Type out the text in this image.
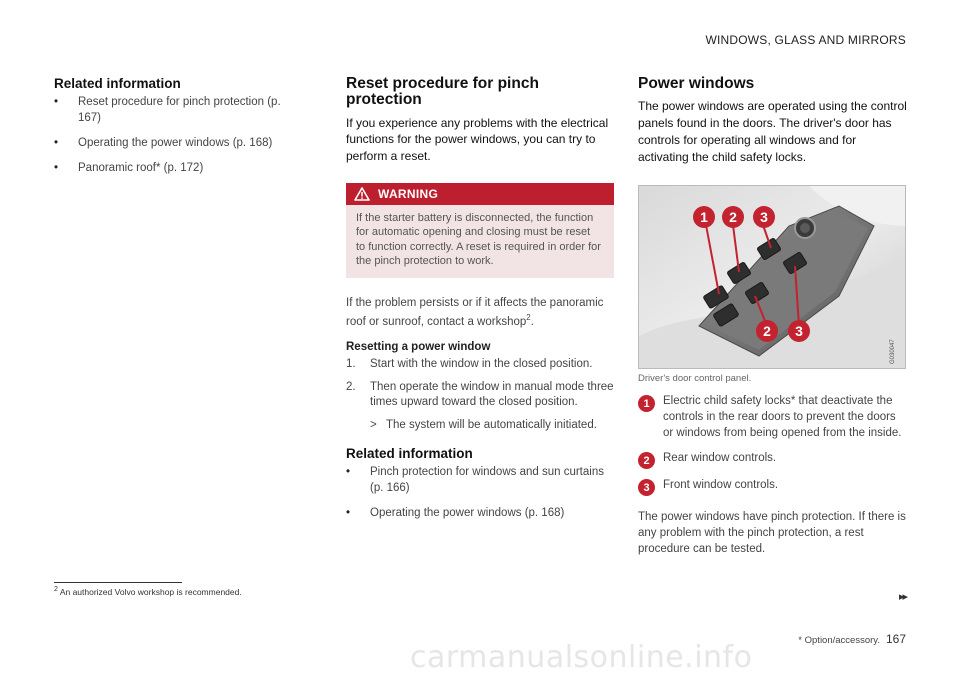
WINDOWS, GLASS AND MIRRORS
Related information
• Reset procedure for pinch protection (p. 167)
• Operating the power windows (p. 168)
• Panoramic roof* (p. 172)
Reset procedure for pinch protection

If you experience any problems with the electrical functions for the power windows, you can try to perform a reset.

WARNING
If the starter battery is disconnected, the function for automatic opening and closing must be reset to function correctly. A reset is required in order for the pinch protection to work.

If the problem persists or if it affects the panoramic roof or sunroof, contact a workshop$^2$.

Resetting a power window
1. Start with the window in the closed position.
2. Then operate the window in manual mode three times upward toward the closed position.
> The system will be automatically initiated.
Related information
• Pinch protection for windows and sun curtains (p. 166)
• Operating the power windows (p. 168)
Power windows

The power windows are operated using the control panels found in the doors. The driver's door has controls for operating all windows and for activating the child safety locks.

1 2 3
2 3
G030047
Driver's door control panel.
1	Electric child safety locks* that deactivate the controls in the rear doors to prevent the doors or windows from being opened from the inside.
2	Rear window controls.
3	Front window controls.

The power windows have pinch protection. If there is any problem with the pinch protection, a rest procedure can be tested.

$^2$ An authorized Volvo workshop is recommended.	▸▸
* Option/accessory. 167
carmanualsonline.info
